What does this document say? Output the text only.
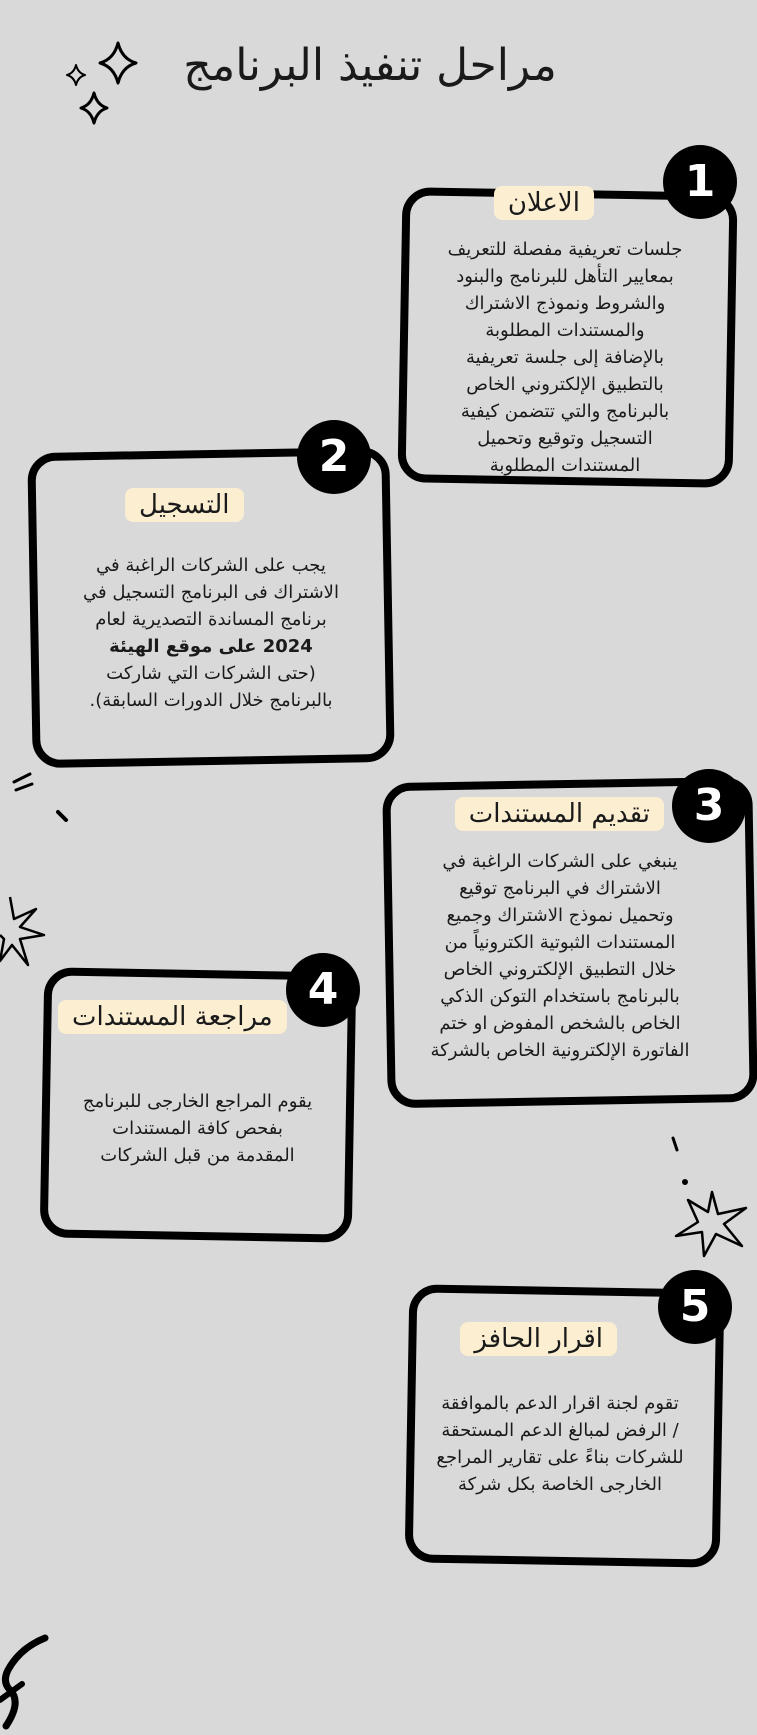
مراحل تنفيذ البرنامج
الاعلان
جلسات تعريفية مفصلة للتعريف
بمعايير التأهل للبرنامج والبنود
والشروط ونموذج الاشتراك
والمستندات المطلوبة
بالإضافة إلى جلسة تعريفية
بالتطبيق الإلكتروني الخاص
بالبرنامج والتي تتضمن كيفية
التسجيل وتوقيع وتحميل
المستندات المطلوبة
1
التسجيل
يجب على الشركات الراغبة في
الاشتراك فى البرنامج التسجيل في
برنامج المساندة التصديرية لعام
2024 على موقع الهيئة
(حتى الشركات التي شاركت
بالبرنامج خلال الدورات السابقة).
2
تقديم المستندات
ينبغي على الشركات الراغبة في
الاشتراك في البرنامج توقيع
وتحميل نموذج الاشتراك وجميع
المستندات الثبوتية الكترونياً من
خلال التطبيق الإلكتروني الخاص
بالبرنامج باستخدام التوكن الذكي
الخاص بالشخص المفوض او ختم
الفاتورة الإلكترونية الخاص بالشركة
3
مراجعة المستندات
يقوم المراجع الخارجى للبرنامج
بفحص كافة المستندات
المقدمة من قبل الشركات
4
اقرار الحافز
تقوم لجنة اقرار الدعم بالموافقة
/ الرفض لمبالغ الدعم المستحقة
للشركات بناءً على تقارير المراجع
الخارجى الخاصة بكل شركة
5
